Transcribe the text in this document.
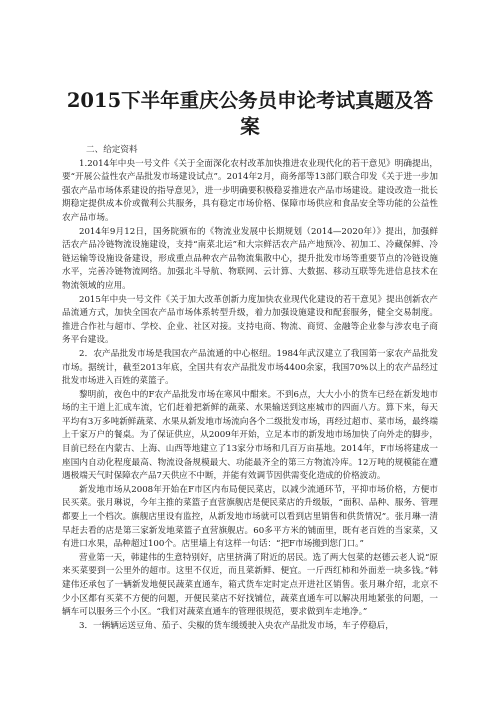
2015下半年重庆公务员申论考试真题及答案
二、给定资料

1.2014年中央一号文件《关于全面深化农村改革加快推进农业现代化的若干意见》明确提出，要“开展公益性农产品批发市场建设试点”。2014年2月，商务部等13部门联合印发《关于进一步加强农产品市场体系建设的指导意见》，进一步明确要积极稳妥推进农产品市场建设。建设改造一批长期稳定提供成本价或微利公共服务，具有稳定市场价格、保障市场供应和食品安全等功能的公益性农产品市场。

2014年9月12日，国务院颁布的《物流业发展中长期规划（2014—2020年）》提出，加强鲜活农产品冷链物流设施建设，支持“南菜北运”和大宗鲜活农产品产地预冷、初加工、冷藏保鲜、冷链运输等设施设备建设，形成重点品种农产品物流集散中心，提升批发市场等重要节点的冷链设施水平，完善冷链物流网络。加强北斗导航、物联网、云计算、大数据、移动互联等先进信息技术在物流领域的应用。

2015年中央一号文件《关于加大改革创新力度加快农业现代化建设的若干意见》提出创新农产品流通方式，加快全国农产品市场体系转型升级，着力加强设施建设和配套服务，健全交易制度。推进合作社与超市、学校、企业、社区对接。支持电商、物流、商贸、金融等企业参与涉农电子商务平台建设。

2．农产品批发市场是我国农产品流通的中心枢纽。1984年武汉建立了我国第一家农产品批发市场。据统计，截至2013年底，全国共有农产品批发市场4400余家，我国70%以上的农产品经过批发市场进入百姓的菜篮子。

黎明前，夜色中的F农产品批发市场在寒风中酣来。不到6点，大大小小的货车已经在新发地市场的主干道上汇成车流，它们赶着把新鲜的蔬菜、水果输送到这座城市的四面八方。算下来，每天平均有3万多吨新鲜蔬菜、水果从新发地市场流向各个二级批发市场，再经过超市、菜市场，最终端上千家万户的餐桌。为了保证供应，从2009年开始，立足本市的新发地市场加快了向外走的脚步，目前已经在内蒙古、上海、山西等地建立了13家分市场和几百万亩基地。2014年，F市场将建成一座国内自动化程度最高、物流设备规模最大、功能最齐全的第三方物流冷库。12万吨的规模能在遭遇极端天气时保障农产品7天供应不中断，并能有效调节因供需变化造成的价格波动。

新发地市场从2008年开始在F市区内布局便民菜店，以减少流通环节，平抑市场价格，方便市民买菜。张月琳说，今年主推的菜篮子直营旗舰店是便民菜店的升级版，“面积、品种、服务、管理都要上一个档次。旗舰店里设有监控，从新发地市场就可以看到店里销售和供货情况”。张月琳一清早赶去看的店是第三家新发地菜篮子直营旗舰店。60多平方米的铺面里，既有老百姓的当家菜，又有进口水果，品种超过100个。店里墙上有这样一句话：“把F市场搬到您门口。”

营业第一天，韩建伟的生意特别好，店里挤满了附近的居民。选了两大包菜的赵德云老人说“原来买菜要到一公里外的超市。这里不仅近，而且菜新鲜、便宜。一斤西红柿和外面差一块多钱。”韩建伟还承包了一辆新发地便民蔬菜直通车，箱式货车定时定点开进社区销售。张月琳介绍，北京不少小区都有买菜不方便的问题，开便民菜店不好找铺位，蔬菜直通车可以解决用地紧张的问题，一辆车可以服务三个小区。“我们对蔬菜直通车的管理很规范，要求做到车走地净。”

3．一辆辆运送豆角、茄子、尖椒的货车缓缓驶入央农产品批发市场，车子停稳后，
